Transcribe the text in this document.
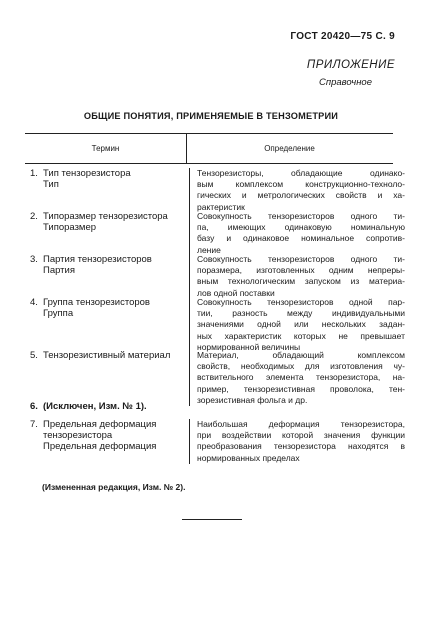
ГОСТ 20420—75 С. 9
ПРИЛОЖЕНИЕ
Справочное
ОБЩИЕ ПОНЯТИЯ, ПРИМЕНЯЕМЫЕ В ТЕНЗОМЕТРИИ
Термин	Определение
1. Тип тензорезистора
Тип
Тензорезисторы, обладающие одинако-
вым комплексом конструкционно-техноло-
гических и метрологических свойств и ха-
рактеристик
2. Типоразмер тензорезистора
Типоразмер
Совокупность тензорезисторов одного ти-
па, имеющих одинаковую номинальную
базу и одинаковое номинальное сопротив-
ление
3. Партия тензорезисторов
Партия
Совокупность тензорезисторов одного ти-
поразмера, изготовленных одним непреры-
вным технологическим запуском из материа-
лов одной поставки
4. Группа тензорезисторов
Группа
Совокупность тензорезисторов одной пар-
тии, разность между индивидуальными
значениями одной или нескольких задан-
ных характеристик которых не превышает
нормированной величины
5. Тензорезистивный материал	Материал, обладающий комплексом
свойств, необходимых для изготовления чу-
вствительного элемента тензорезистора, на-
пример, тензорезистивная проволока, тен-
зорезистивная фольга и др.
6. (Исключен, Изм. № 1).
7. Предельная деформация
тензорезистора
Предельная деформация
Наибольшая деформация тензорезистора,
при воздействии которой значения функции
преобразования тензорезистора находятся в
нормированных пределах
(Измененная редакция, Изм. № 2).
